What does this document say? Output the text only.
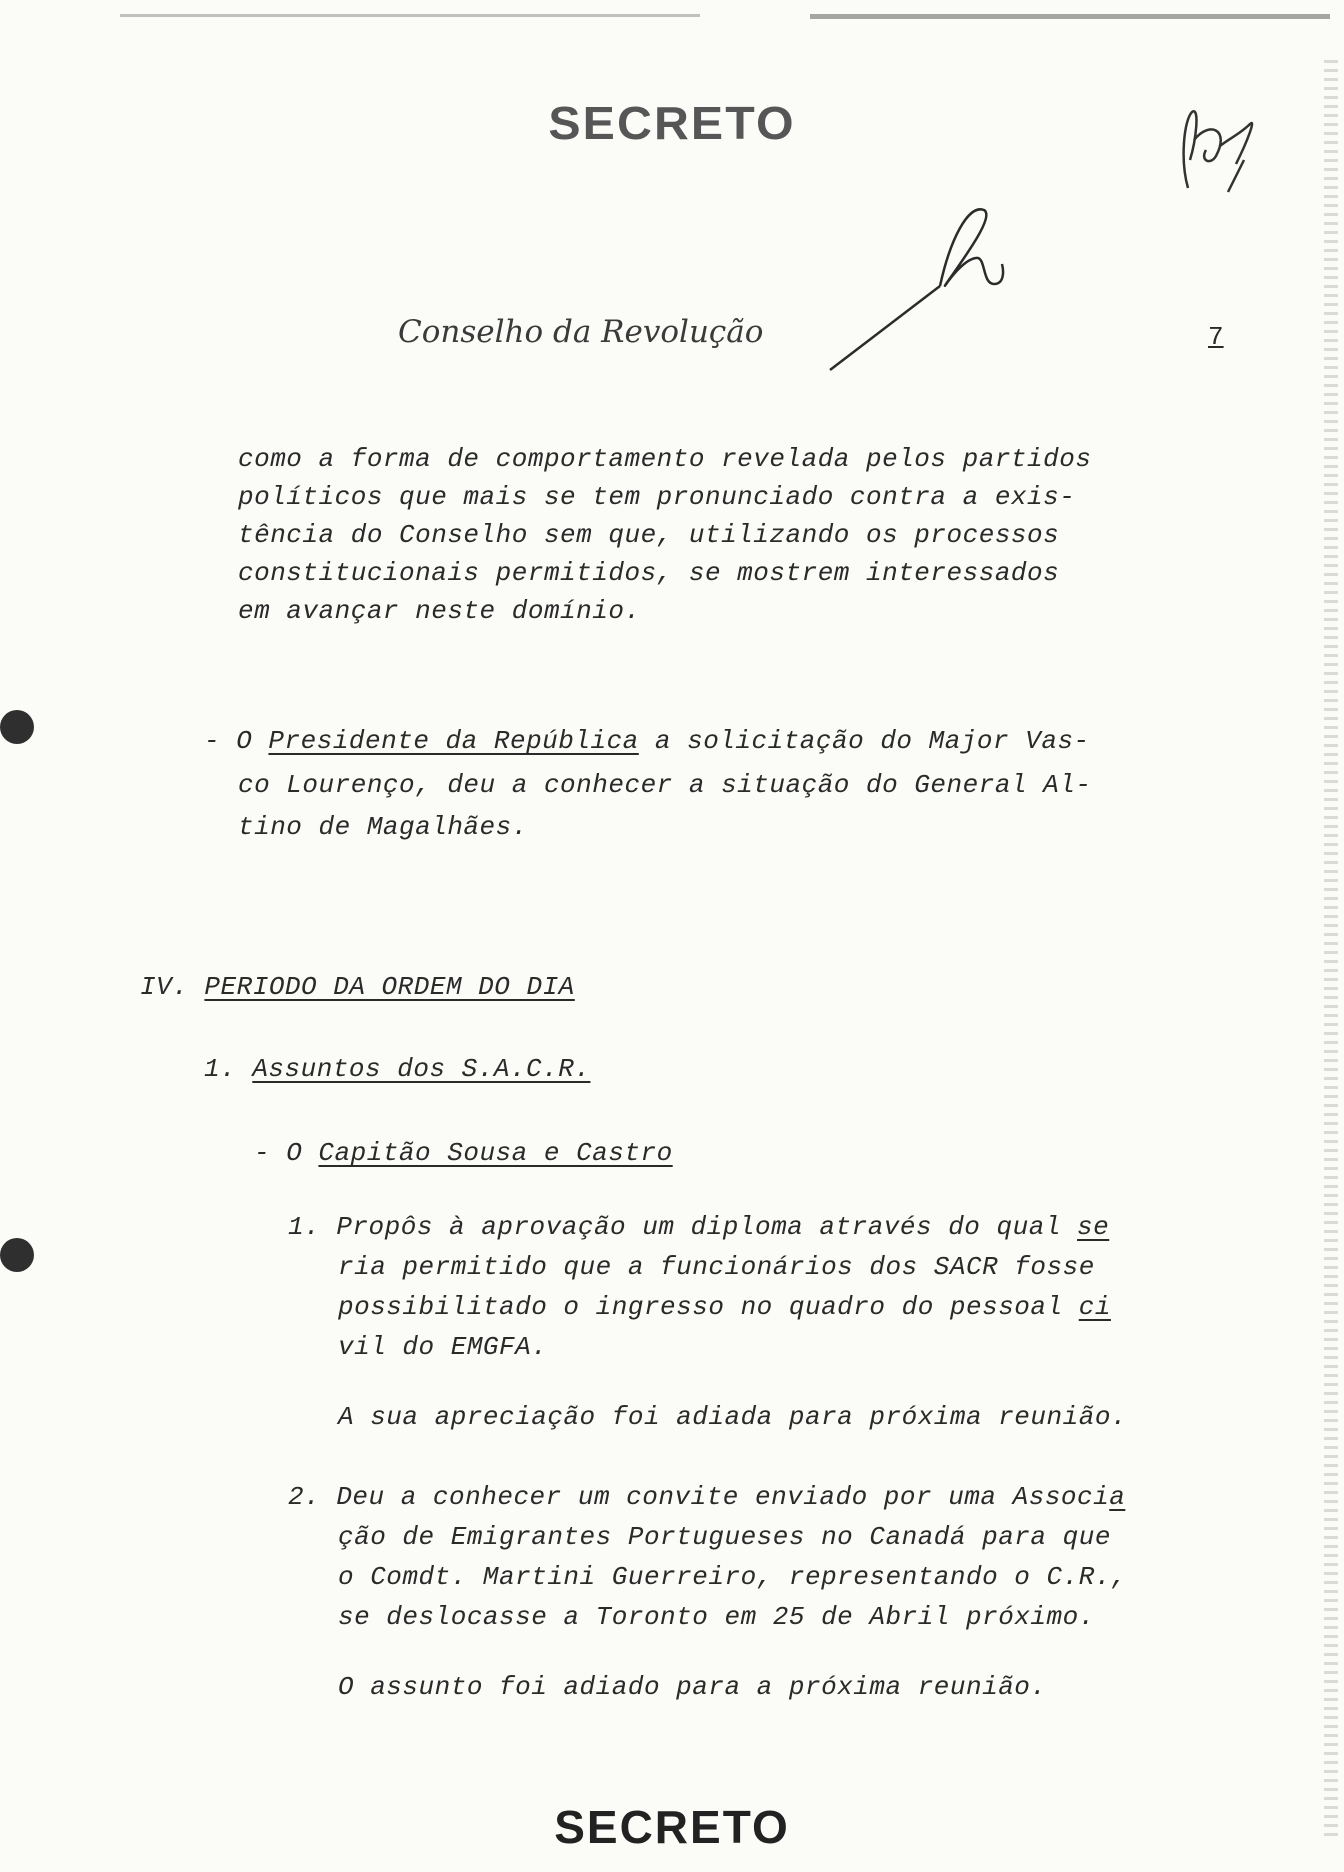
SECRETO
Conselho da Revolução	7
como a forma de comportamento revelada pelos partidos
políticos que mais se tem pronunciado contra a exis-
tência do Conselho sem que, utilizando os processos
constitucionais permitidos, se mostrem interessados
em avançar neste domínio.
- O Presidente da República a solicitação do Major Vas-
co Lourenço, deu a conhecer a situação do General Al-
tino de Magalhães.
IV. PERIODO DA ORDEM DO DIA
1. Assuntos dos S.A.C.R.
- O Capitão Sousa e Castro
1. Propôs à aprovação um diploma através do qual se
ria permitido que a funcionários dos SACR fosse
possibilitado o ingresso no quadro do pessoal ci
vil do EMGFA.
A sua apreciação foi adiada para próxima reunião.
2. Deu a conhecer um convite enviado por uma Associa
ção de Emigrantes Portugueses no Canadá para que
o Comdt. Martini Guerreiro, representando o C.R.,
se deslocasse a Toronto em 25 de Abril próximo.
O assunto foi adiado para a próxima reunião.
SECRETO
